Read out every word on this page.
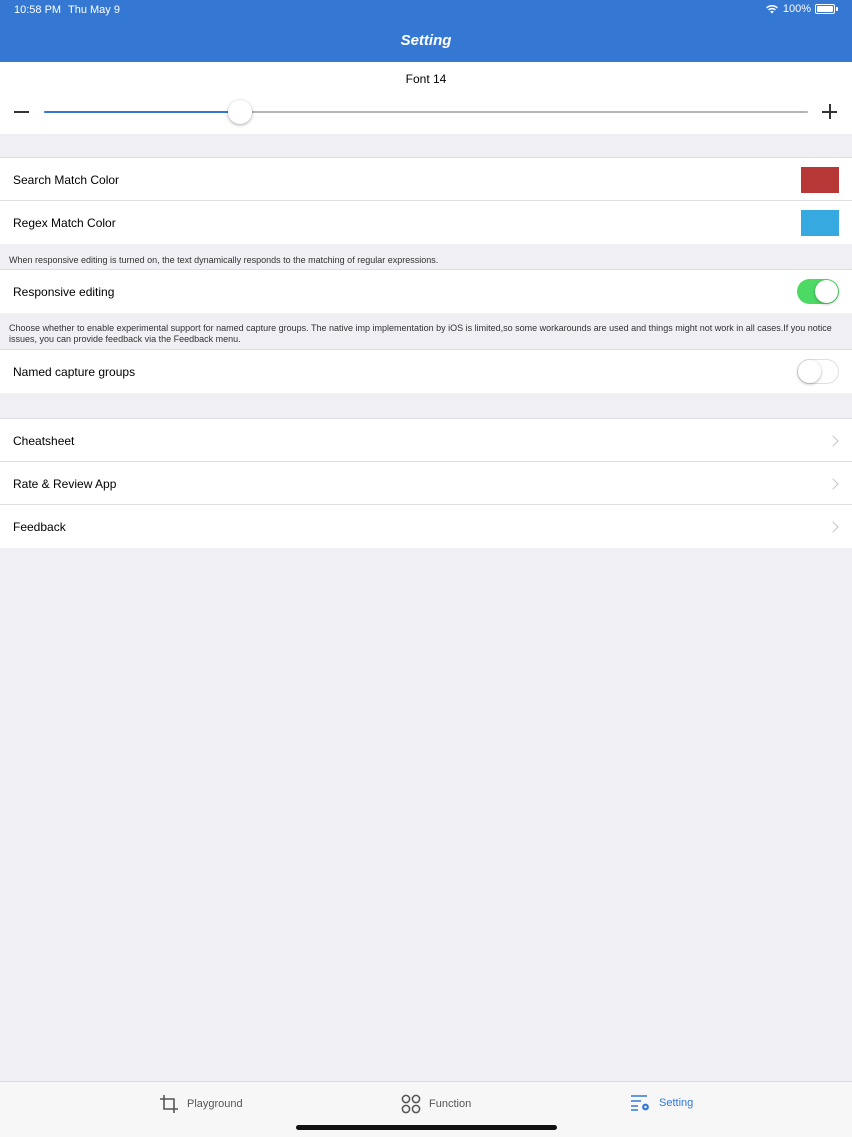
10:58 PM Thu May 9	100%
Setting
Font 14
Search Match Color
Regex Match Color
When responsive editing is turned on, the text dynamically responds to the matching of regular expressions.
Responsive editing
Choose whether to enable experimental support for named capture groups. The native imp implementation by iOS is limited,so some workarounds are used and things might not work in all cases.If you notice issues, you can provide feedback via the Feedback menu.
Named capture groups
Cheatsheet
Rate & Review App
Feedback
Playground	Function	Setting
